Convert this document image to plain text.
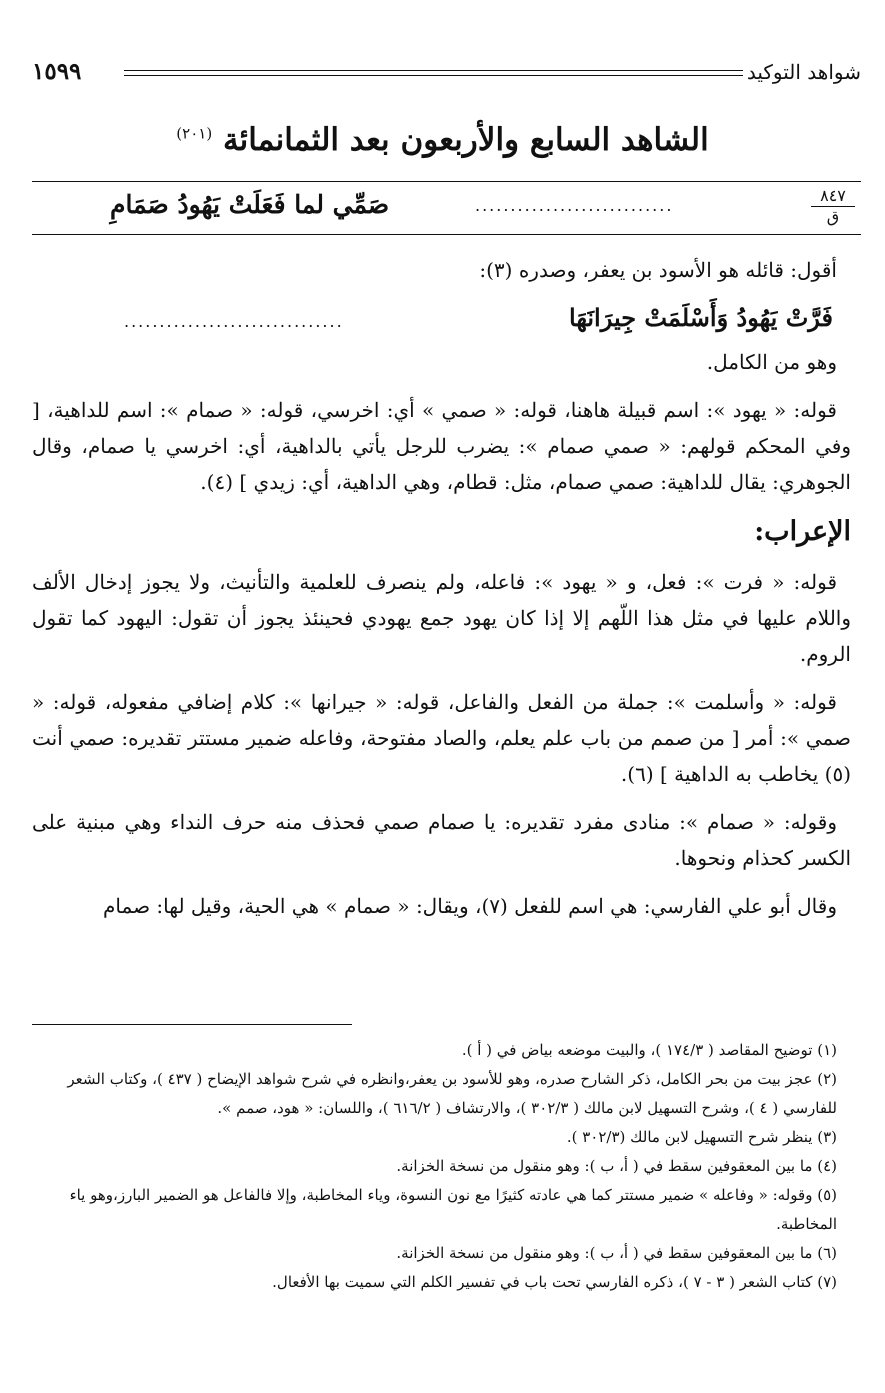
شواهد التوكيد
١٥٩٩
الشاهد السابع والأربعون بعد الثمانمائة $^{(٢٠١)}$
٨٤٧
ق
............................
صَمِّي لما فَعَلَتْ يَهُودُ صَمَامِ

أقول: قائله هو الأسود بن يعفر، وصدره (٣):

فَرَّتْ يَهُودُ وَأَسْلَمَتْ جِيرَانَهَا
...............................

وهو من الكامل.

قوله: « يهود »: اسم قبيلة هاهنا، قوله: « صمي » أي: اخرسي، قوله: « صمام »: اسم للداهية، [ وفي المحكم قولهم: « صمي صمام »: يضرب للرجل يأتي بالداهية، أي: اخرسي يا صمام، وقال الجوهري: يقال للداهية: صمي صمام، مثل: قطام، وهي الداهية، أي: زيدي ] (٤).

الإعراب:

قوله: « فرت »: فعل، و « يهود »: فاعله، ولم ينصرف للعلمية والتأنيث، ولا يجوز إدخال الألف واللام عليها في مثل هذا اللّهم إلا إذا كان يهود جمع يهودي فحينئذ يجوز أن تقول: اليهود كما تقول الروم.

قوله: « وأسلمت »: جملة من الفعل والفاعل، قوله: « جيرانها »: كلام إضافي مفعوله، قوله: « صمي »: أمر [ من صمم من باب علم يعلم، والصاد مفتوحة، وفاعله ضمير مستتر تقديره: صمي أنت (٥) يخاطب به الداهية ] (٦).

وقوله: « صمام »: منادى مفرد تقديره: يا صمام صمي فحذف منه حرف النداء وهي مبنية على الكسر كحذام ونحوها.

وقال أبو علي الفارسي: هي اسم للفعل (٧)، ويقال: « صمام » هي الحية، وقيل لها: صمام

(١) توضيح المقاصد ( ١٧٤/٣ )، والبيت موضعه بياض في ( أ ).
(٢) عجز بيت من بحر الكامل، ذكر الشارح صدره، وهو للأسود بن يعفر،وانظره في شرح شواهد الإيضاح ( ٤٣٧ )، وكتاب الشعر للفارسي ( ٤ )، وشرح التسهيل لابن مالك ( ٣٠٢/٣ )، والارتشاف ( ٦١٦/٢ )، واللسان: « هود، صمم ».
(٣) ينظر شرح التسهيل لابن مالك (٣٠٢/٣ ).
(٤) ما بين المعقوفين سقط في ( أ، ب ): وهو منقول من نسخة الخزانة.
(٥) وقوله: « وفاعله » ضمير مستتر كما هي عادته كثيرًا مع نون النسوة، وياء المخاطبة، وإلا فالفاعل هو الضمير البارز،وهو ياء المخاطبة.
(٦) ما بين المعقوفين سقط في ( أ، ب ): وهو منقول من نسخة الخزانة.
(٧) كتاب الشعر ( ٣ - ٧ )، ذكره الفارسي تحت باب في تفسير الكلم التي سميت بها الأفعال.
